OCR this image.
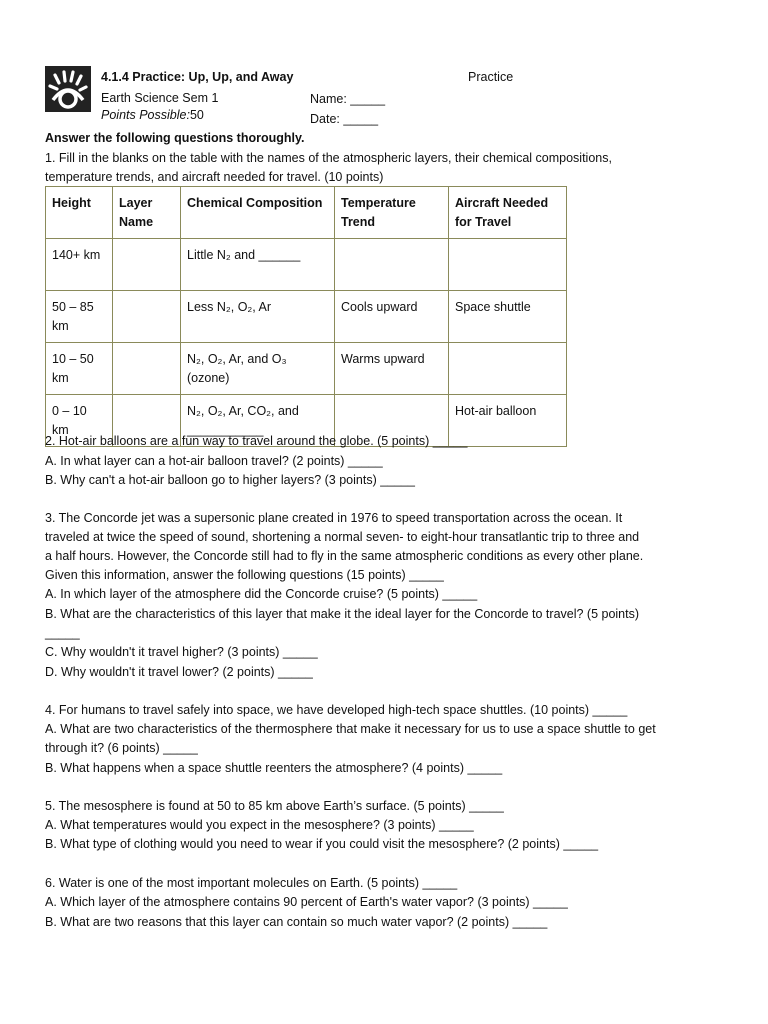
4.1.4 Practice: Up, Up, and Away	Practice
Earth Science Sem 1	Name: _____
Points Possible:50	Date: _____
Answer the following questions thoroughly.
1. Fill in the blanks on the table with the names of the atmospheric layers, their chemical compositions,
temperature trends, and aircraft needed for travel. (10 points)
Height	Layer Name	Chemical Composition	Temperature Trend	Aircraft Needed for Travel
140+ km		Little N₂ and ______		
50 – 85 km		Less N₂, O₂, Ar	Cools upward	Space shuttle
10 – 50 km		N₂, O₂, Ar, and O₃ (ozone)	Warms upward	
0 – 10 km		N₂, O₂, Ar, CO₂, and ___________		Hot-air balloon
2. Hot-air balloons are a fun way to travel around the globe. (5 points) _____
A. In what layer can a hot-air balloon travel? (2 points) _____
B. Why can't a hot-air balloon go to higher layers? (3 points) _____
3. The Concorde jet was a supersonic plane created in 1976 to speed transportation across the ocean. It
traveled at twice the speed of sound, shortening a normal seven- to eight-hour transatlantic trip to three and
a half hours. However, the Concorde still had to fly in the same atmospheric conditions as every other plane.
Given this information, answer the following questions (15 points) _____
A. In which layer of the atmosphere did the Concorde cruise? (5 points) _____
B. What are the characteristics of this layer that make it the ideal layer for the Concorde to travel? (5 points)
_____
C. Why wouldn't it travel higher? (3 points) _____
D. Why wouldn't it travel lower? (2 points) _____
4. For humans to travel safely into space, we have developed high-tech space shuttles. (10 points) _____
A. What are two characteristics of the thermosphere that make it necessary for us to use a space shuttle to get
through it? (6 points) _____
B. What happens when a space shuttle reenters the atmosphere? (4 points) _____
5. The mesosphere is found at 50 to 85 km above Earth’s surface. (5 points) _____
A. What temperatures would you expect in the mesosphere? (3 points) _____
B. What type of clothing would you need to wear if you could visit the mesosphere? (2 points) _____
6. Water is one of the most important molecules on Earth. (5 points) _____
A. Which layer of the atmosphere contains 90 percent of Earth's water vapor? (3 points) _____
B. What are two reasons that this layer can contain so much water vapor? (2 points) _____
